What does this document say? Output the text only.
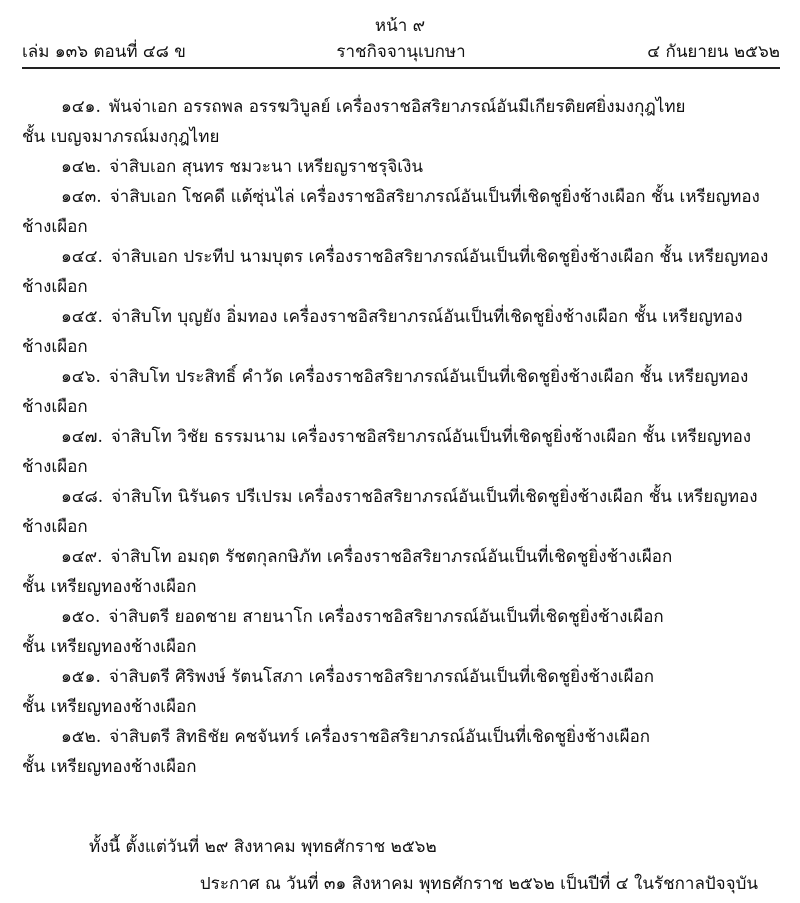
หน้า ๙
เล่ม ๑๓๖ ตอนที่ ๔๘ ข	ราชกิจจานุเบกษา	๔ กันยายน ๒๕๖๒

๑๔๑. พันจ่าเอก อรรถพล อรรฆวิบูลย์ เครื่องราชอิสริยาภรณ์อันมีเกียรติยศยิ่งมงกุฎไทย
ชั้น เบญจมาภรณ์มงกุฎไทย

๑๔๒. จ่าสิบเอก สุนทร ชมวะนา เหรียญราชรุจิเงิน

๑๔๓. จ่าสิบเอก โชคดี แต้ซุ่นไล่ เครื่องราชอิสริยาภรณ์อันเป็นที่เชิดชูยิ่งช้างเผือก ชั้น เหรียญทอง
ช้างเผือก

๑๔๔. จ่าสิบเอก ประทีป นามบุตร เครื่องราชอิสริยาภรณ์อันเป็นที่เชิดชูยิ่งช้างเผือก ชั้น เหรียญทอง
ช้างเผือก

๑๔๕. จ่าสิบโท บุญยัง อิ่มทอง เครื่องราชอิสริยาภรณ์อันเป็นที่เชิดชูยิ่งช้างเผือก ชั้น เหรียญทอง
ช้างเผือก

๑๔๖. จ่าสิบโท ประสิทธิ์ คำวัด เครื่องราชอิสริยาภรณ์อันเป็นที่เชิดชูยิ่งช้างเผือก ชั้น เหรียญทอง
ช้างเผือก

๑๔๗. จ่าสิบโท วิชัย ธรรมนาม เครื่องราชอิสริยาภรณ์อันเป็นที่เชิดชูยิ่งช้างเผือก ชั้น เหรียญทอง
ช้างเผือก

๑๔๘. จ่าสิบโท นิรันดร ปรีเปรม เครื่องราชอิสริยาภรณ์อันเป็นที่เชิดชูยิ่งช้างเผือก ชั้น เหรียญทอง
ช้างเผือก

๑๔๙. จ่าสิบโท อมฤต รัชตกุลกษิภัท เครื่องราชอิสริยาภรณ์อันเป็นที่เชิดชูยิ่งช้างเผือก
ชั้น เหรียญทองช้างเผือก

๑๕๐. จ่าสิบตรี ยอดชาย สายนาโก เครื่องราชอิสริยาภรณ์อันเป็นที่เชิดชูยิ่งช้างเผือก
ชั้น เหรียญทองช้างเผือก

๑๕๑. จ่าสิบตรี ศิริพงษ์ รัตนโสภา เครื่องราชอิสริยาภรณ์อันเป็นที่เชิดชูยิ่งช้างเผือก
ชั้น เหรียญทองช้างเผือก

๑๕๒. จ่าสิบตรี สิทธิชัย คชจันทร์ เครื่องราชอิสริยาภรณ์อันเป็นที่เชิดชูยิ่งช้างเผือก
ชั้น เหรียญทองช้างเผือก

ทั้งนี้ ตั้งแต่วันที่ ๒๙ สิงหาคม พุทธศักราช ๒๕๖๒
ประกาศ ณ วันที่ ๓๑ สิงหาคม พุทธศักราช ๒๕๖๒ เป็นปีที่ ๔ ในรัชกาลปัจจุบัน
